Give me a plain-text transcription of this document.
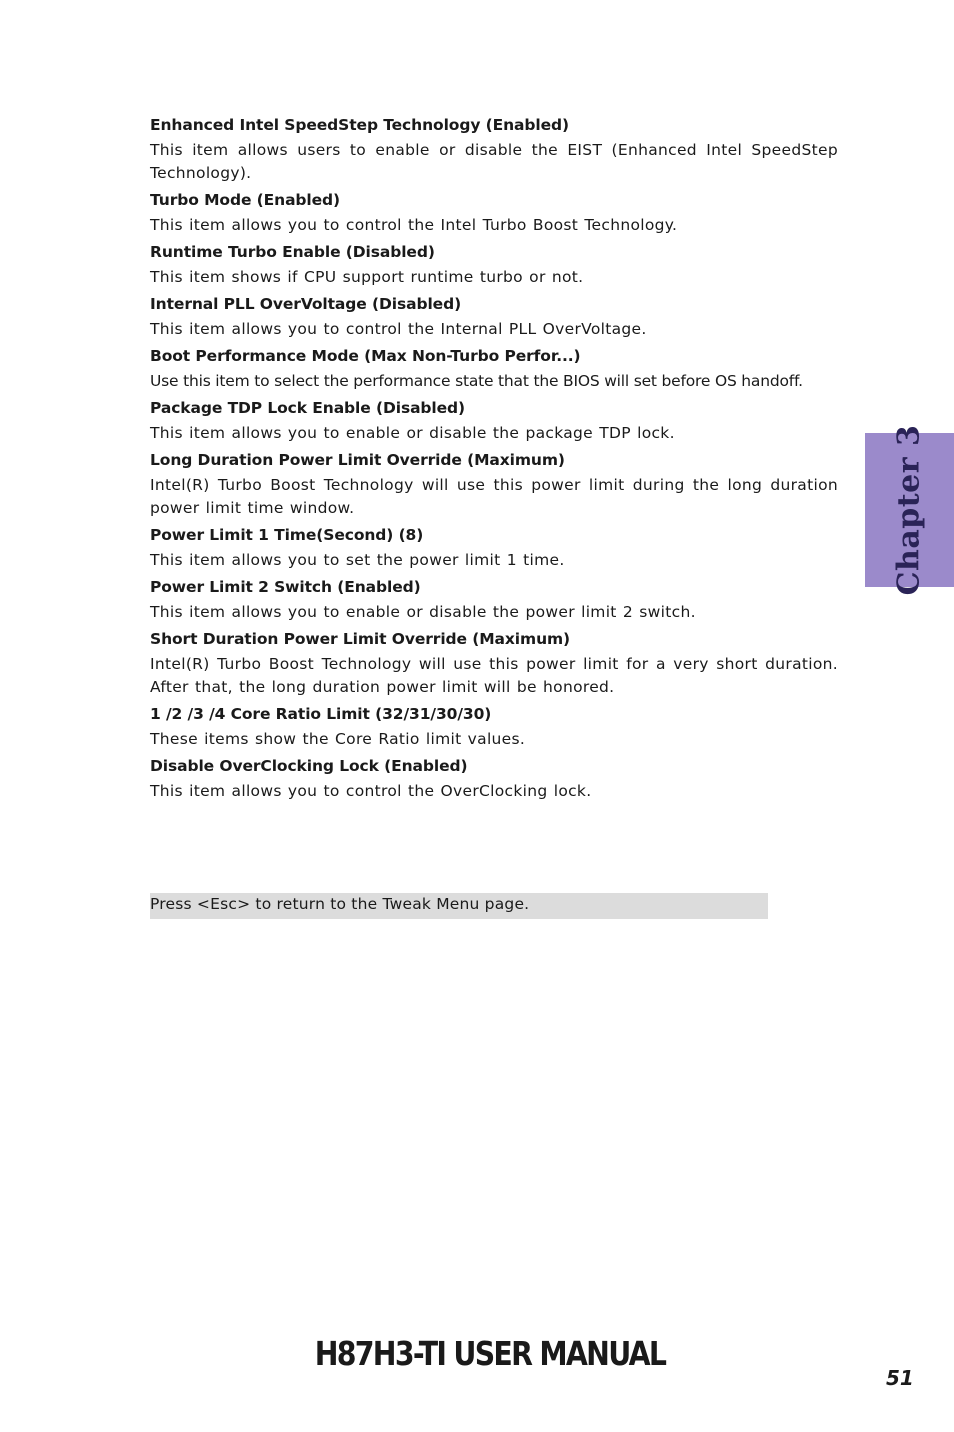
Enhanced Intel SpeedStep Technology (Enabled)

This item allows users to enable or disable the EIST (Enhanced Intel SpeedStep Technology).

Turbo Mode (Enabled)

This item allows you to control the Intel Turbo Boost Technology.

Runtime Turbo Enable (Disabled)

This item shows if CPU support runtime turbo or not.

Internal PLL OverVoltage (Disabled)

This item allows you to control the Internal PLL OverVoltage.

Boot Performance Mode (Max Non-Turbo Perfor...)

Use this item to select the performance state that the BIOS will set before OS handoff.

Package TDP Lock Enable (Disabled)

This item allows you to enable or disable the package TDP lock.

Long Duration Power Limit Override (Maximum)

Intel(R) Turbo Boost Technology will use this power limit during the long duration power limit time window.

Power Limit 1 Time(Second) (8)

This item allows you to set the power limit 1 time.

Power Limit 2 Switch (Enabled)

This item allows you to enable or disable the power limit 2 switch.

Short Duration Power Limit Override (Maximum)

Intel(R) Turbo Boost Technology will use this power limit for a very short duration. After that, the long duration power limit will be honored.

1 /2 /3 /4 Core Ratio Limit (32/31/30/30)

These items show the Core Ratio limit values.

Disable OverClocking Lock (Enabled)

This item allows you to control the OverClocking lock.

Press <Esc> to return to the Tweak Menu page.
Chapter 3
H87H3-TI USER MANUAL
51
